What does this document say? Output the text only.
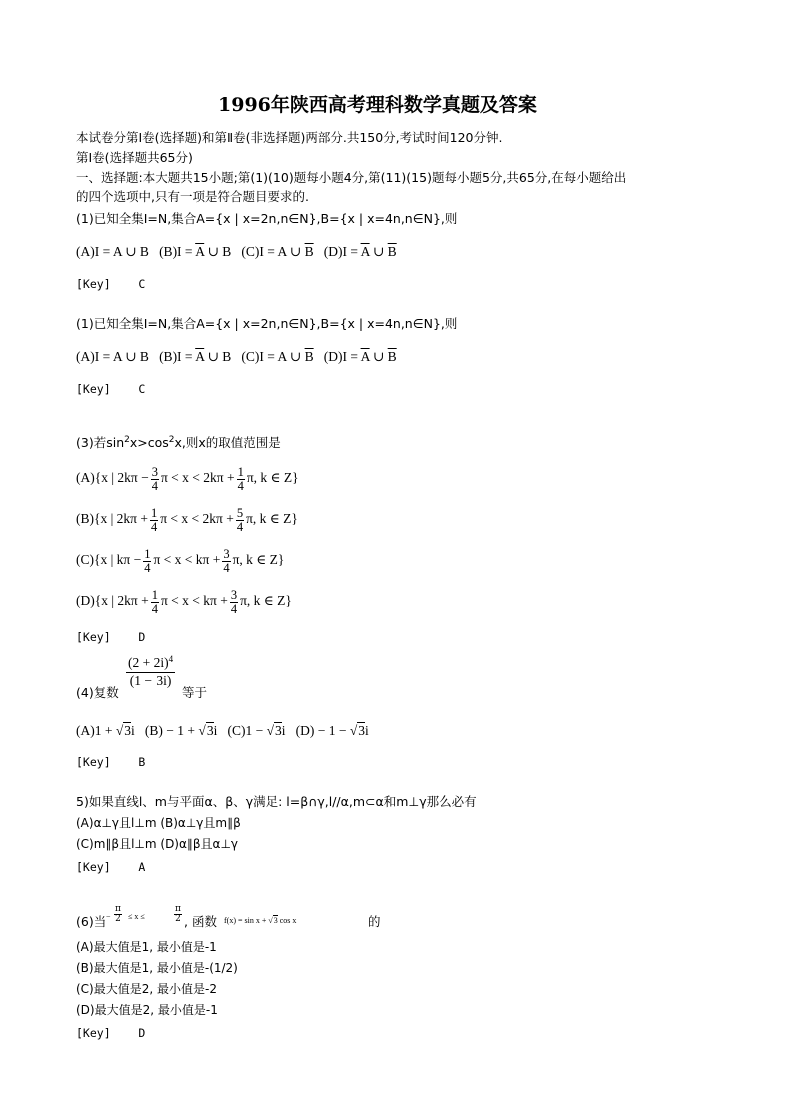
1996年陕西高考理科数学真题及答案
本试卷分第Ⅰ卷(选择题)和第Ⅱ卷(非选择题)两部分.共150分,考试时间120分钟.
第Ⅰ卷(选择题共65分)
一、选择题:本大题共15小题;第(1)(10)题每小题4分,第(11)(15)题每小题5分,共65分,在每小题给出
的四个选项中,只有一项是符合题目要求的.
(1)已知全集I=N,集合A={x | x=2n,n∈N},B={x | x=4n,n∈N},则
(A)I = A ∪ B $(B)I = \overline{A}$ ∪ B (C)I = A ∪ $\overline{B}$ $(D)I = \overline{A}$ ∪ $\overline{B}$
[Key] C
(1)已知全集I=N,集合A={x | x=2n,n∈N},B={x | x=4n,n∈N},则
(A)I = A ∪ B $(B)I = \overline{A}$ ∪ B (C)I = A ∪ $\overline{B}$ $(D)I = \overline{A}$ ∪ $\overline{B}$
[Key] C
(3)若$\sin^2x>\cos^2x$,则x的取值范围是
(A){x | $2k\pi - \frac{3}{4}$ $\pi < x < 2k\pi + \frac{1}{4} \pi$, k ∈ Z}
(B){x | $2k\pi + \frac{1}{4}$ $\pi < x < 2k\pi + \frac{5}{4} \pi$, k ∈ Z}
(C){x | $k\pi - \frac{1}{4}$ $\pi < x < k\pi + \frac{3}{4} \pi$, k ∈ Z}
(D){x | $2k\pi + \frac{1}{4}$ $\pi < x < k\pi + \frac{3}{4} \pi$, k ∈ Z}
[Key] D
(4)复数
$(2 + 2i)^4$
(1 − 3i)
等于
(A)1 + √3i (B) − 1 + √3i (C)1 − √3i (D) − 1 − √3i
[Key] B
5)如果直线l、m与平面α、β、γ满足: l=β∩γ,l//α,m⊂α和m⊥γ那么必有
(A)α⊥γ且l⊥m (B)α⊥γ且m∥β
(C)m∥β且l⊥m (D)α∥β且α⊥γ
[Key] A
(6)当 − $\frac{\pi}{2} \le x$ ≤	$\frac{\pi}{2}$ , 函数 f(x) = sin x + √3 cos x	的
(A)最大值是1, 最小值是-1
(B)最大值是1, 最小值是-(1/2)
(C)最大值是2, 最小值是-2
(D)最大值是2, 最小值是-1
[Key] D
